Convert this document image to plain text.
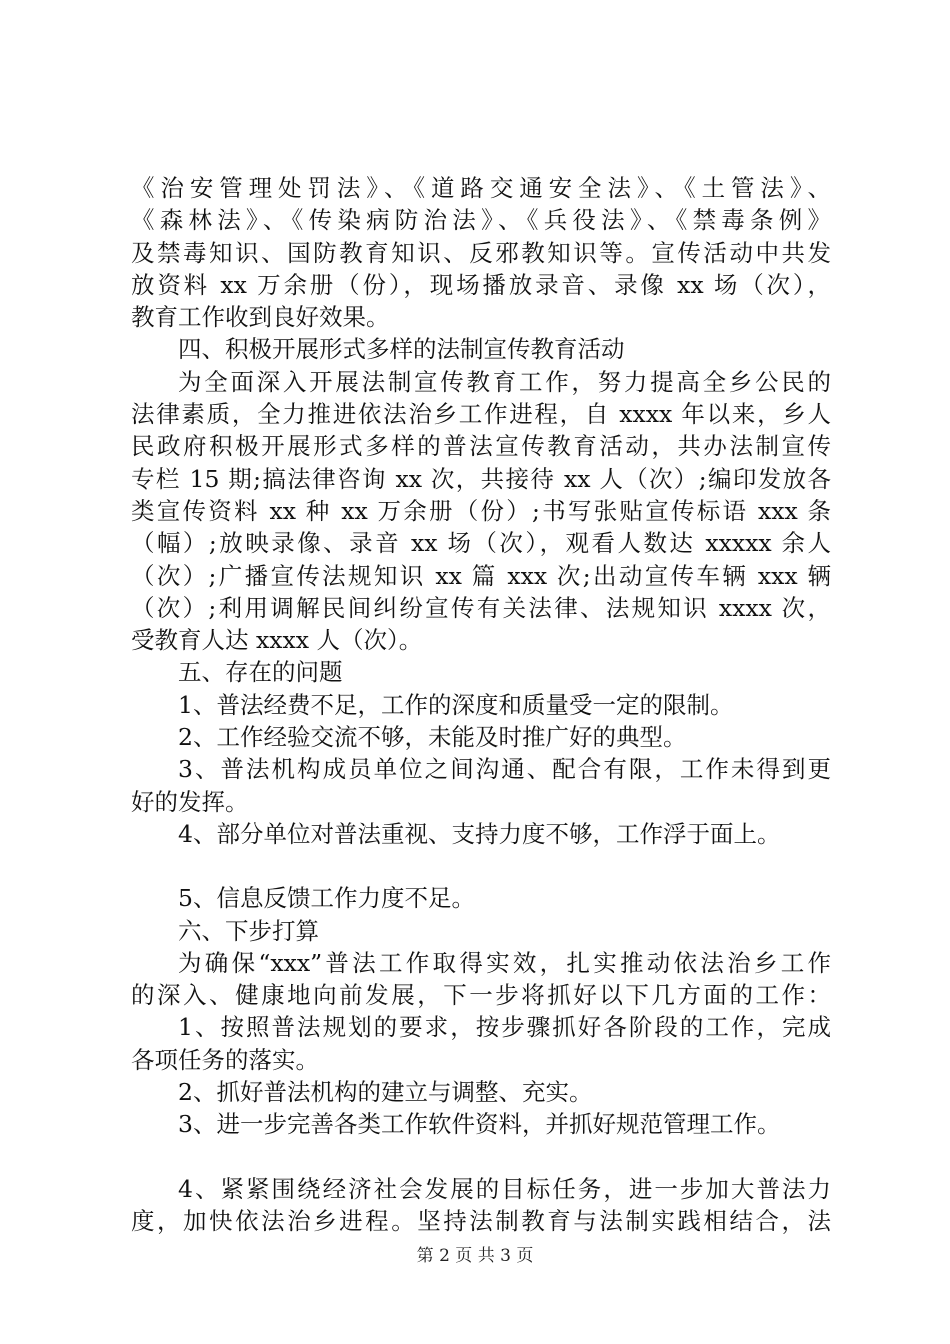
《治安管理处罚法》、《道路交通安全法》、《土管法》、
《森林法》、《传染病防治法》、《兵役法》、《禁毒条例》
及禁毒知识、国防教育知识、反邪教知识等。宣传活动中共发
放资料 xx 万余册（份），现场播放录音、录像 xx 场（次），
教育工作收到良好效果。
四、积极开展形式多样的法制宣传教育活动
为全面深入开展法制宣传教育工作，努力提高全乡公民的
法律素质，全力推进依法治乡工作进程，自 xxxx 年以来，乡人
民政府积极开展形式多样的普法宣传教育活动，共办法制宣传
专栏 15 期;搞法律咨询 xx 次，共接待 xx 人（次）;编印发放各
类宣传资料 xx 种 xx 万余册（份）;书写张贴宣传标语 xxx 条
（幅）;放映录像、录音 xx 场（次），观看人数达 xxxxx 余人
（次）;广播宣传法规知识 xx 篇 xxx 次;出动宣传车辆 xxx 辆
（次）;利用调解民间纠纷宣传有关法律、法规知识 xxxx 次，
受教育人达 xxxx 人（次）。
五、存在的问题
1、普法经费不足，工作的深度和质量受一定的限制。
2、工作经验交流不够，未能及时推广好的典型。
3、普法机构成员单位之间沟通、配合有限，工作未得到更
好的发挥。
4、部分单位对普法重视、支持力度不够，工作浮于面上。
5、信息反馈工作力度不足。
六、下步打算
为确保“xxx”普法工作取得实效，扎实推动依法治乡工作
的深入、健康地向前发展，下一步将抓好以下几方面的工作：
1、按照普法规划的要求，按步骤抓好各阶段的工作，完成
各项任务的落实。
2、抓好普法机构的建立与调整、充实。
3、进一步完善各类工作软件资料，并抓好规范管理工作。
4、紧紧围绕经济社会发展的目标任务，进一步加大普法力
度，加快依法治乡进程。坚持法制教育与法制实践相结合，法
第 2 页 共 3 页
